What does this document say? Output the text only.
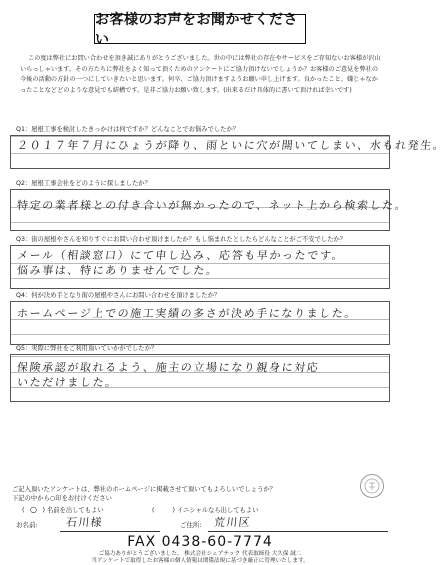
お客様のお声をお聞かせください

この度は弊社にお問い合わせを頂き誠にありがとうございました。世の中には弊社の存在やサービスをご存知ないお客様が沢山いらっしゃいます。その方たちに弊社をよく知って頂くためのアンケートにご協力頂けないでしょうか？お客様のご意見を弊社の今後の活動の方針の一つにしていきたいと思います。何卒、ご協力頂けますようお願い申し上げます。良かったこと、嫌じゃなかったことなどどのような意見でも結構です。是非ご協力お願い致します。(出来るだけ具体的に書いて頂ければ幸いです)

Q1：屋根工事を検討したきっかけは何ですか？どんなことでお悩みでしたか？
２０１７年７月にひょうが降り、雨といに穴が開いてしまい、水もれ発生。
Q2：屋根工事会社をどのように探しましたか？
特定の業者様との付き合いが無かったので、ネット上から検索した。
Q3：街の屋根やさんを知りすぐにお問い合わせ頂けましたか？もし悩まれたとしたらどんなことがご不安でしたか？
メール（相談窓口）にて申し込み、応答も早かったです。
悩み事は、特にありませんでした。
Q4：何が決め手となり街の屋根やさんにお問い合わせを頂けましたか？
ホームページ上での施工実績の多さが決め手になりました。
Q5：実際に弊社をご利用頂いていかがでしたか？
保険承認が取れるよう、施主の立場になり親身に対応
いただけました。
ご記入頂いたアンケートは、弊社のホームページに掲載させて頂いてもよろしいでしょうか？
下記の中から○印をお付けください
( ○ ) 名前を出してもよい	(	) イニシャルなら出してもよい
お名前:	石川様	ご住所:	荒川区
FAX 0438-60-7774
ご協力ありがとうございました。 株式会社シェアテック 代表取締役 大久保 誠二
当アンケートで取得したお客様の個人情報は関係法規に基づき厳正に管理いたします。
